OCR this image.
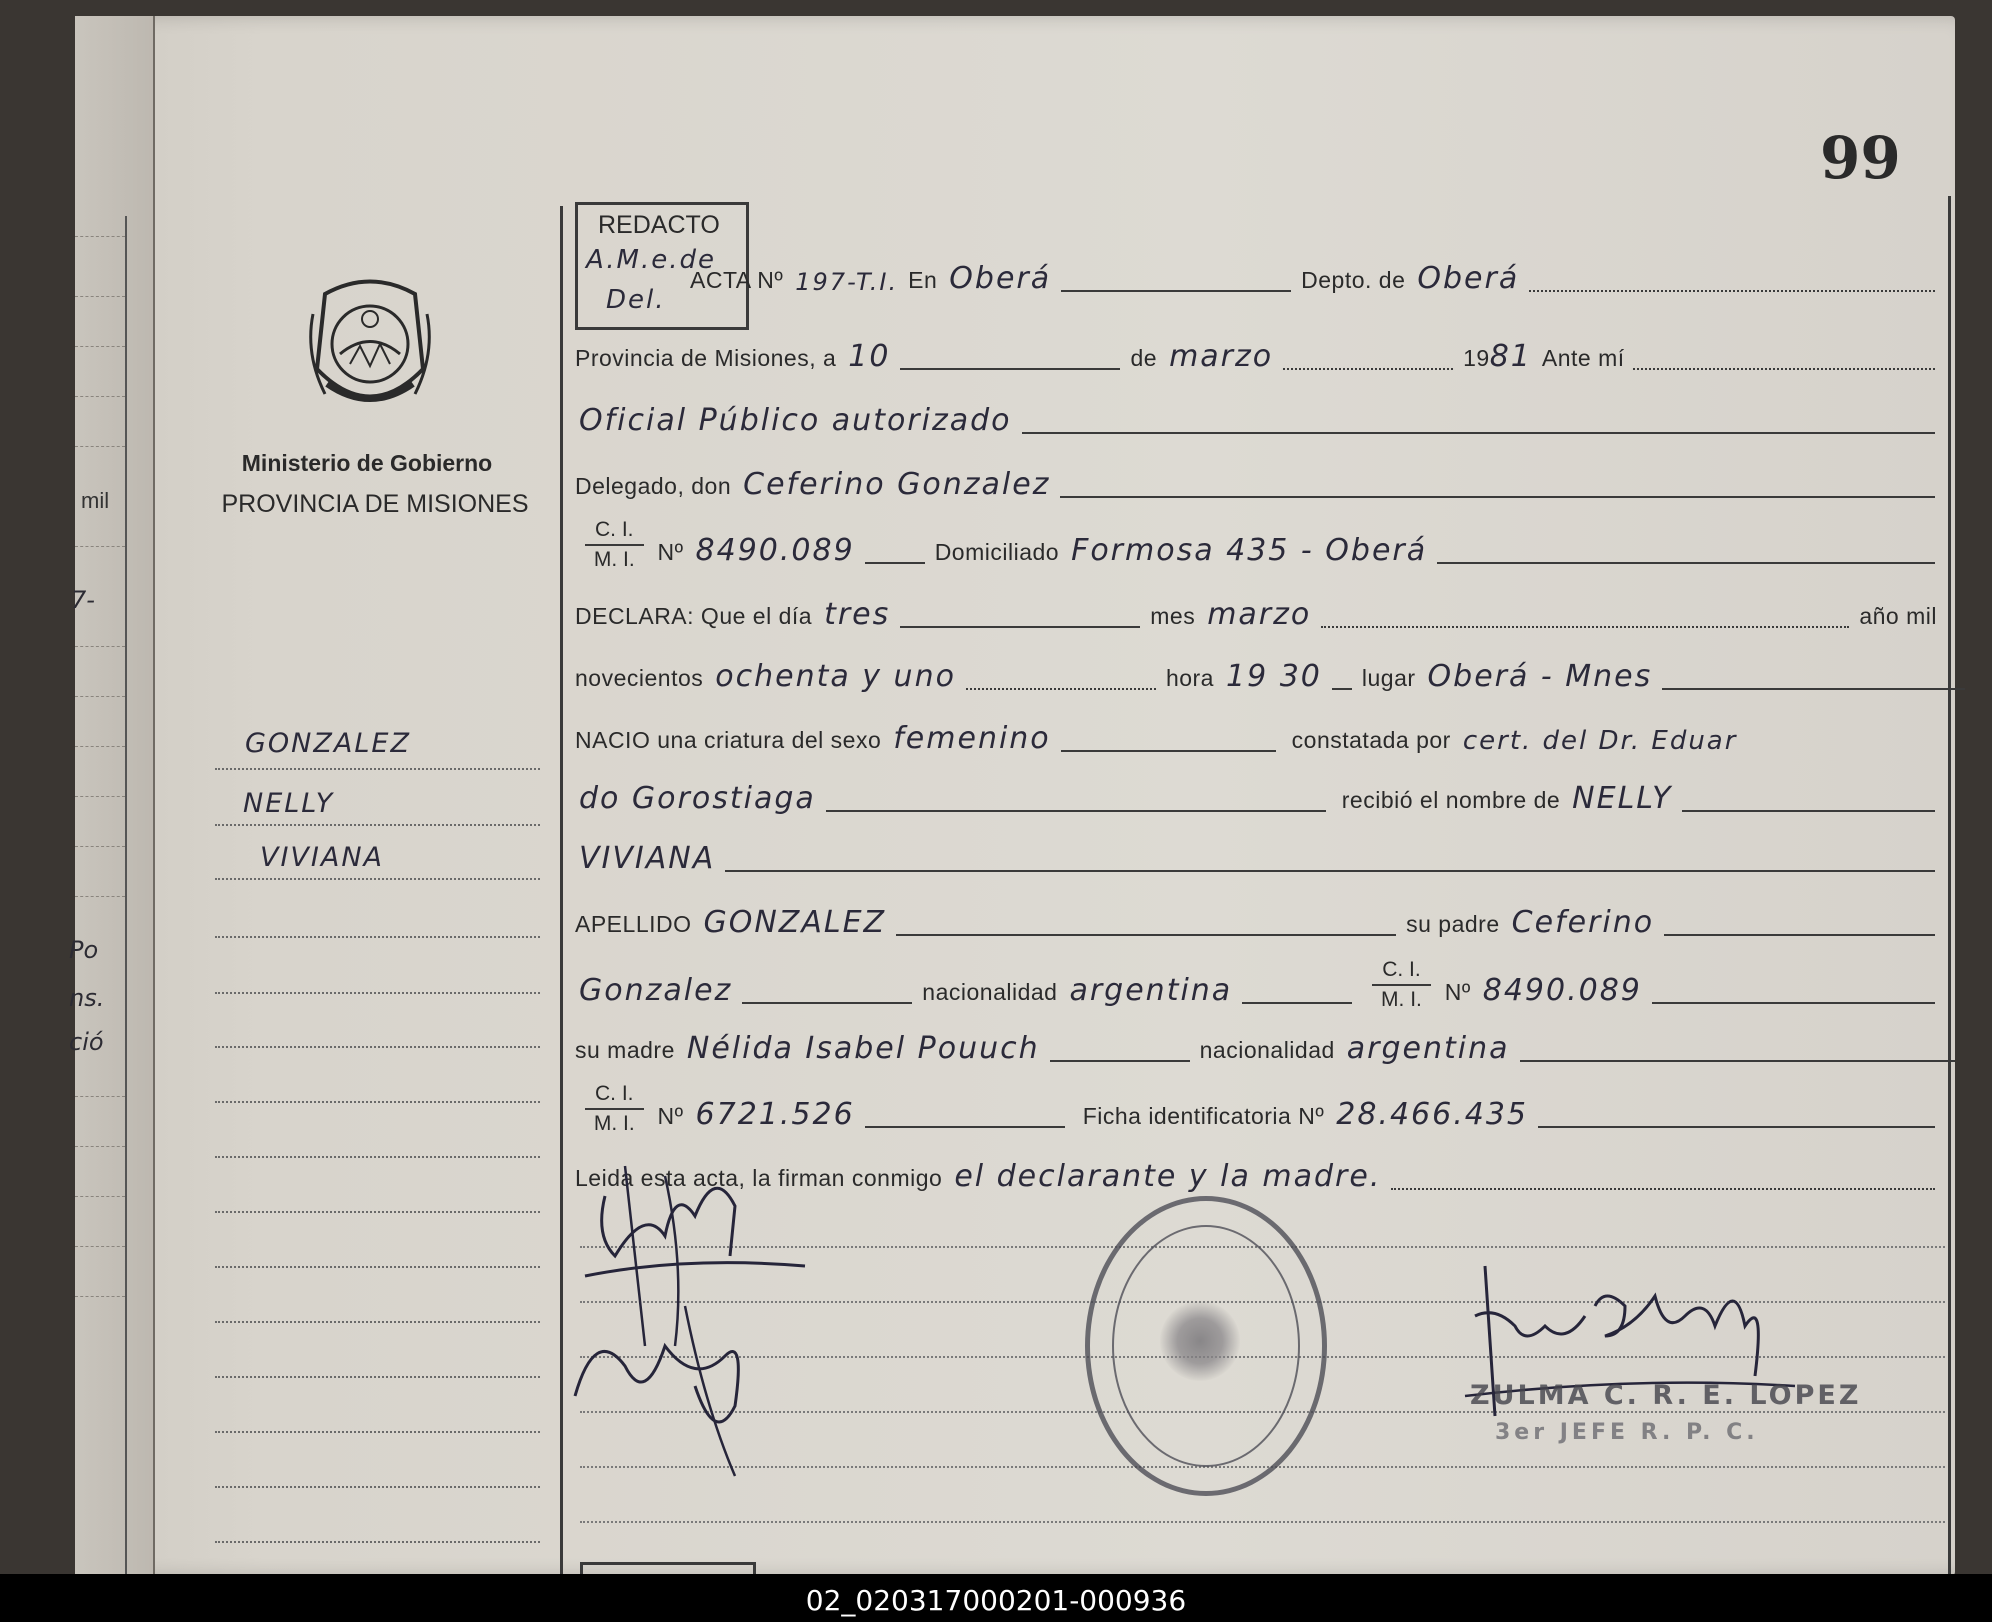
mil
7-
Po
ns.
ció
99
Ministerio de Gobierno
PROVINCIA DE MISIONES
REDACTO
A.M.e.de
Del.
GONZALEZ
NELLY
VIVIANA
ACTA Nº 197-T.I. En Oberá	Depto. de Oberá
Provincia de Misiones, a 10	de marzo	19 81 Ante mí
Oficial Público autorizado
Delegado, don Ceferino Gonzalez
$\frac{C. I.}{M. I.}$ Nº 8490.089	Domiciliado Formosa 435 - Oberá
DECLARA: Que el día tres	mes marzo	año mil
novecientos ochenta y uno	hora 19 30 lugar Oberá - Mnes
NACIO una criatura del sexo femenino	constatada por cert. del Dr. Eduar
do Gorostiaga	recibió el nombre de NELLY
VIVIANA
APELLIDO GONZALEZ	su padre Ceferino
Gonzalez	nacionalidad argentina	$\frac{C. I.}{M. I.}$ Nº 8490.089
su madre Nélida Isabel Pouuch	nacionalidad argentina
$\frac{C. I.}{M. I.}$ Nº 6721.526	Ficha identificatoria Nº 28.466.435
Leida esta acta, la firman conmigo el declarante y la madre.
ZULMA C. R. E. LOPEZ
3er JEFE R. P. C.
02_020317000201-000936
